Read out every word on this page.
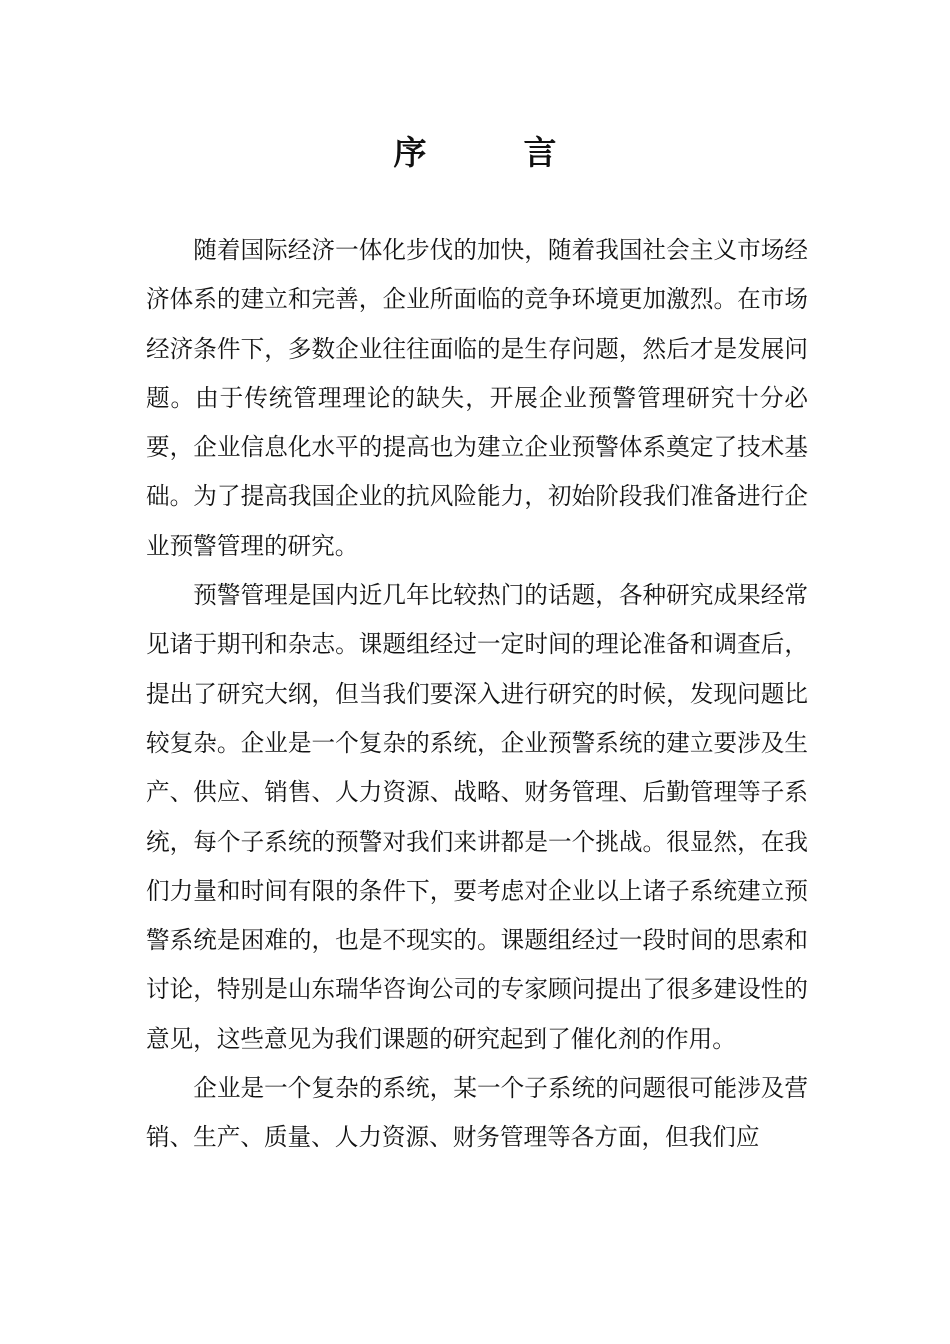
序　言

随着国际经济一体化步伐的加快，随着我国社会主义市场经济体系的建立和完善，企业所面临的竞争环境更加激烈。在市场经济条件下，多数企业往往面临的是生存问题，然后才是发展问题。由于传统管理理论的缺失，开展企业预警管理研究十分必要，企业信息化水平的提高也为建立企业预警体系奠定了技术基础。为了提高我国企业的抗风险能力，初始阶段我们准备进行企业预警管理的研究。

预警管理是国内近几年比较热门的话题，各种研究成果经常见诸于期刊和杂志。课题组经过一定时间的理论准备和调查后，提出了研究大纲，但当我们要深入进行研究的时候，发现问题比较复杂。企业是一个复杂的系统，企业预警系统的建立要涉及生产、供应、销售、人力资源、战略、财务管理、后勤管理等子系统，每个子系统的预警对我们来讲都是一个挑战。很显然，在我们力量和时间有限的条件下，要考虑对企业以上诸子系统建立预警系统是困难的，也是不现实的。课题组经过一段时间的思索和讨论，特别是山东瑞华咨询公司的专家顾问提出了很多建设性的意见，这些意见为我们课题的研究起到了催化剂的作用。

企业是一个复杂的系统，某一个子系统的问题很可能涉及营销、生产、质量、人力资源、财务管理等各方面，但我们应
